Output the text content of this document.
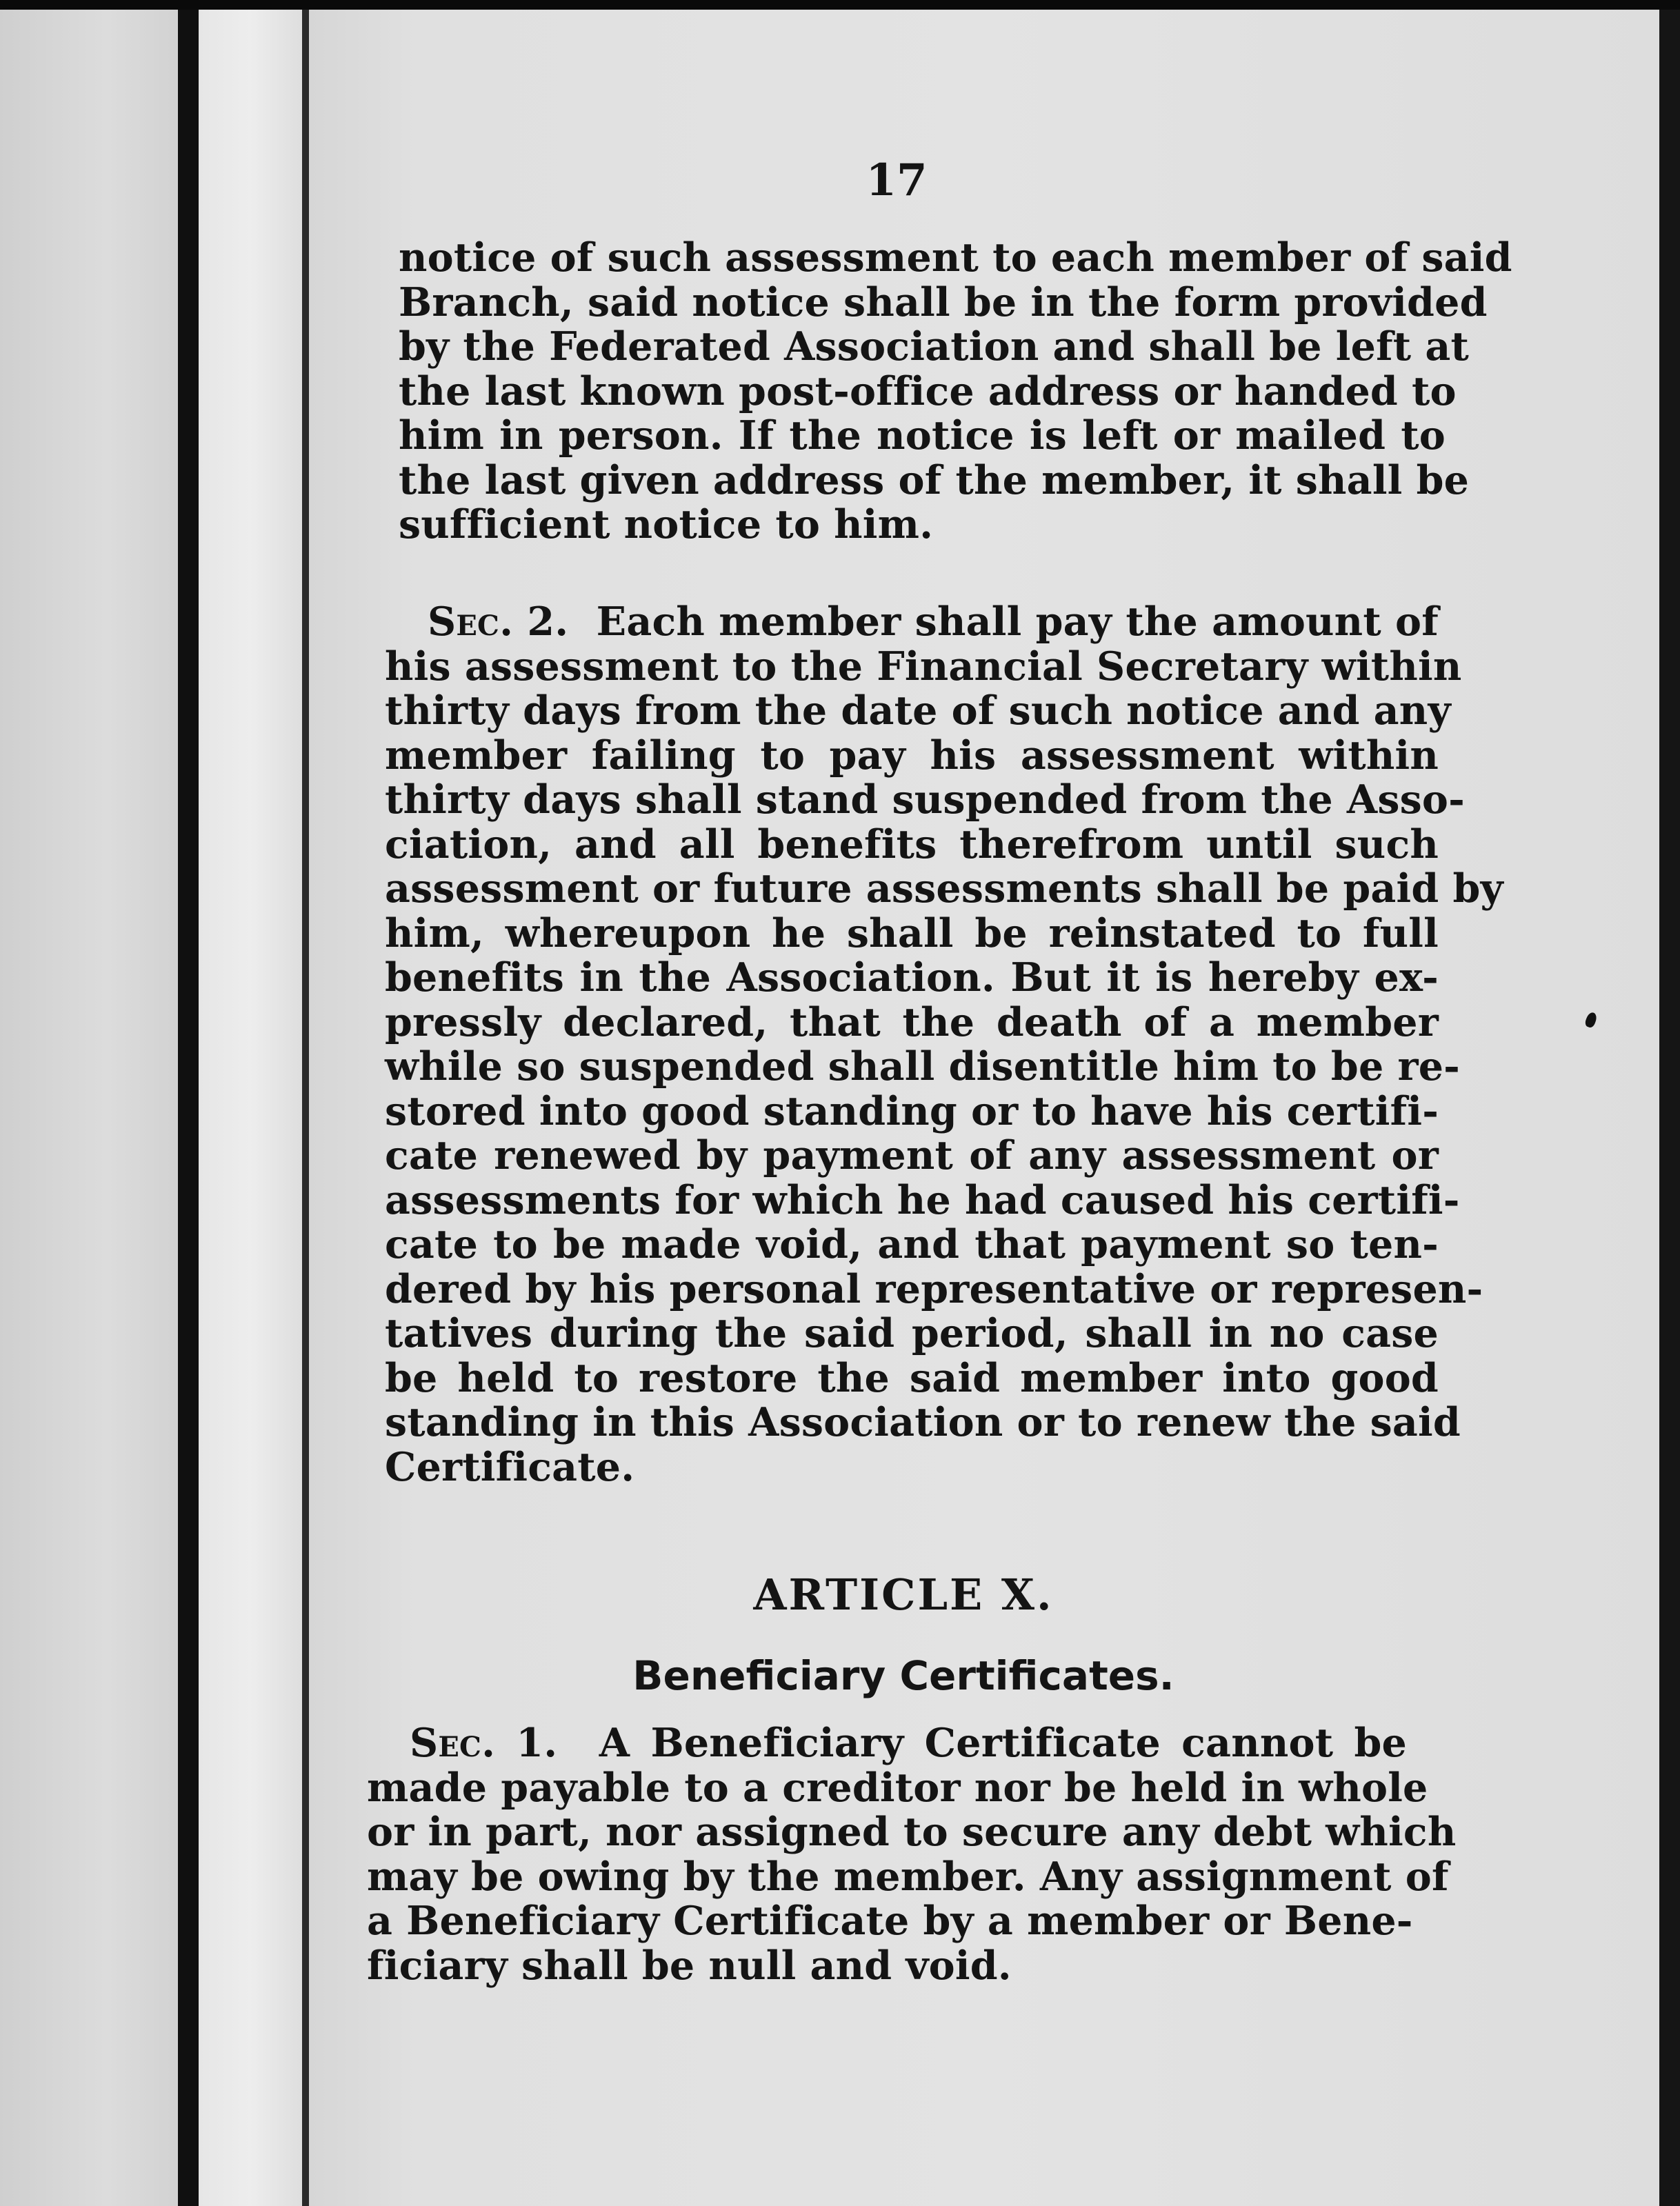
17

notice of such assessment to each member of said
Branch, said notice shall be in the form provided
by the Federated Association and shall be left at
the last known post-office address or handed to
him in person. If the notice is left or mailed to
the last given address of the member, it shall be
sufficient notice to him.
Sec. 2. Each member shall pay the amount of
his assessment to the Financial Secretary within
thirty days from the date of such notice and any
member failing to pay his assessment within
thirty days shall stand suspended from the Asso-
ciation, and all benefits therefrom until such
assessment or future assessments shall be paid by
him, whereupon he shall be reinstated to full
benefits in the Association. But it is hereby ex-
pressly declared, that the death of a member
while so suspended shall disentitle him to be re-
stored into good standing or to have his certifi-
cate renewed by payment of any assessment or
assessments for which he had caused his certifi-
cate to be made void, and that payment so ten-
dered by his personal representative or represen-
tatives during the said period, shall in no case
be held to restore the said member into good
standing in this Association or to renew the said
Certificate.
ARTICLE X.
Beneficiary Certificates.
Sec. 1. A Beneficiary Certificate cannot be
made payable to a creditor nor be held in whole
or in part, nor assigned to secure any debt which
may be owing by the member. Any assignment of
a Beneficiary Certificate by a member or Bene-
ficiary shall be null and void.
